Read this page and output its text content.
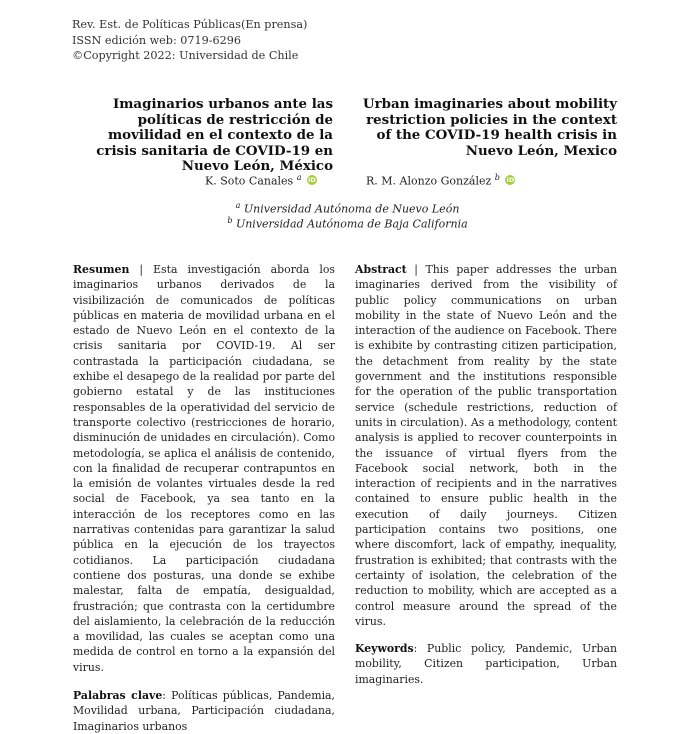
Rev. Est. de Políticas Públicas(En prensa)
ISSN edición web: 0719-6296
©Copyright 2022: Universidad de Chile
Imaginarios urbanos ante las políticas de restricción de movilidad en el contexto de la crisis sanitaria de COVID-19 en Nuevo León, México
Urban imaginaries about mobility restriction policies in the context of the COVID-19 health crisis in Nuevo León, Mexico
K. Soto Canales $^a$ iD	R. M. Alonzo González $^b$ iD
$^a$ Universidad Autónoma de Nuevo León
$^b$ Universidad Autónoma de Baja California

Resumen | Esta investigación aborda los imaginarios urbanos derivados de la visibilización de comunicados de políticas públicas en materia de movilidad urbana en el estado de Nuevo León en el contexto de la crisis sanitaria por COVID-19. Al ser contrastada la participación ciudadana, se exhibe el desapego de la realidad por parte del gobierno estatal y de las instituciones responsables de la operatividad del servicio de transporte colectivo (restricciones de horario, disminución de unidades en circulación). Como metodología, se aplica el análisis de contenido, con la finalidad de recuperar contrapuntos en la emisión de volantes virtuales desde la red social de Facebook, ya sea tanto en la interacción de los receptores como en las narrativas contenidas para garantizar la salud pública en la ejecución de los trayectos cotidianos. La participación ciudadana contiene dos posturas, una donde se exhibe malestar, falta de empatía, desigualdad, frustración; que contrasta con la certidumbre del aislamiento, la celebración de la reducción a movilidad, las cuales se aceptan como una medida de control en torno a la expansión del virus.

Palabras clave: Políticas públicas, Pandemia, Movilidad urbana, Participación ciudadana, Imaginarios urbanos

Abstract | This paper addresses the urban imaginaries derived from the visibility of public policy communications on urban mobility in the state of Nuevo León and the interaction of the audience on Facebook. There is exhibite by contrasting citizen participation, the detachment from reality by the state government and the institutions responsible for the operation of the public transportation service (schedule restrictions, reduction of units in circulation). As a methodology, content analysis is applied to recover counterpoints in the issuance of virtual flyers from the Facebook social network, both in the interaction of recipients and in the narratives contained to ensure public health in the execution of daily journeys. Citizen participation contains two positions, one where discomfort, lack of empathy, inequality, frustration is exhibited; that contrasts with the certainty of isolation, the celebration of the reduction to mobility, which are accepted as a control measure around the spread of the virus.

Keywords: Public policy, Pandemic, Urban mobility, Citizen participation, Urban imaginaries.
